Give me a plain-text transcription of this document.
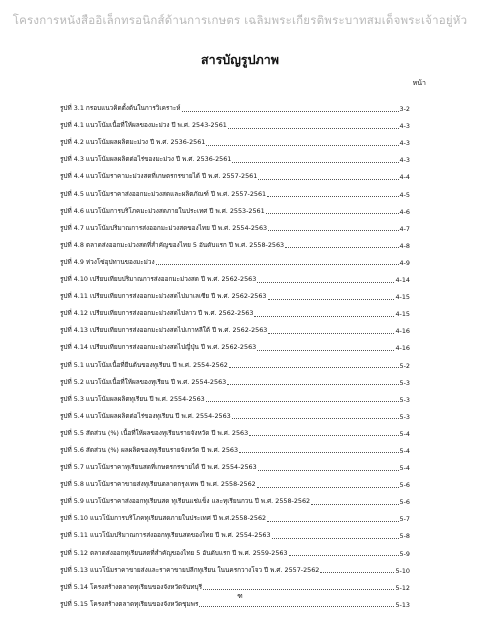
โครงการหนังสืออิเล็กทรอนิกส์ด้านการเกษตร เฉลิมพระเกียรติพระบาทสมเด็จพระเจ้าอยู่หัว
สารบัญรูปภาพ
หน้า
รูปที่ 3.1 กรอบแนวคิดตั้งต้นในการวิเคราะห์	3-2
รูปที่ 4.1 แนวโน้มเนื้อที่ให้ผลของมะม่วง ปี พ.ศ. 2543-2561	4-3
รูปที่ 4.2 แนวโน้มผลผลิตมะม่วง ปี พ.ศ. 2536-2561	4-3
รูปที่ 4.3 แนวโน้มผลผลิตต่อไร่ของมะม่วง ปี พ.ศ. 2536-2561	4-3
รูปที่ 4.4 แนวโน้มราคามะม่วงสดที่เกษตรกรขายได้ ปี พ.ศ. 2557-2561	4-4
รูปที่ 4.5 แนวโน้มราคาส่งออกมะม่วงสดและผลิตภัณฑ์ ปี พ.ศ. 2557-2561	4-5
รูปที่ 4.6 แนวโน้มการบริโภคมะม่วงสดภายในประเทศ ปี พ.ศ. 2553-2561	4-6
รูปที่ 4.7 แนวโน้มปริมาณการส่งออกมะม่วงสดของไทย ปี พ.ศ. 2554-2563	4-7
รูปที่ 4.8 ตลาดส่งออกมะม่วงสดที่สำคัญของไทย 5 อันดับแรก ปี พ.ศ. 2558-2563	4-8
รูปที่ 4.9 ห่วงโซ่อุปทานของมะม่วง	4-9
รูปที่ 4.10 เปรียบเทียบปริมาณการส่งออกมะม่วงสด ปี พ.ศ. 2562-2563	4-14
รูปที่ 4.11 เปรียบเทียบการส่งออกมะม่วงสดไปมาเลเซีย ปี พ.ศ. 2562-2563	4-15
รูปที่ 4.12 เปรียบเทียบการส่งออกมะม่วงสดไปลาว ปี พ.ศ. 2562-2563	4-15
รูปที่ 4.13 เปรียบเทียบการส่งออกมะม่วงสดไปเกาหลีใต้ ปี พ.ศ. 2562-2563	4-16
รูปที่ 4.14 เปรียบเทียบการส่งออกมะม่วงสดไปญี่ปุ่น ปี พ.ศ. 2562-2563	4-16
รูปที่ 5.1 แนวโน้มเนื้อที่ยืนต้นของทุเรียน ปี พ.ศ. 2554-2562	5-2
รูปที่ 5.2 แนวโน้มเนื้อที่ให้ผลของทุเรียน ปี พ.ศ. 2554-2563	5-3
รูปที่ 5.3 แนวโน้มผลผลิตทุเรียน ปี พ.ศ. 2554-2563	5-3
รูปที่ 5.4 แนวโน้มผลผลิตต่อไร่ของทุเรียน ปี พ.ศ. 2554-2563	5-3
รูปที่ 5.5 สัดส่วน (%) เนื้อที่ให้ผลของทุเรียนรายจังหวัด ปี พ.ศ. 2563	5-4
รูปที่ 5.6 สัดส่วน (%) ผลผลิตของทุเรียนรายจังหวัด ปี พ.ศ. 2563	5-4
รูปที่ 5.7 แนวโน้มราคาทุเรียนสดที่เกษตรกรขายได้ ปี พ.ศ. 2554-2563	5-4
รูปที่ 5.8 แนวโน้มราคาขายส่งทุเรียนตลาดกรุงเทพ ปี พ.ศ. 2558-2562	5-6
รูปที่ 5.9 แนวโน้มราคาส่งออกทุเรียนสด ทุเรียนแช่แข็ง และทุเรียนกวน ปี พ.ศ. 2558-2562	5-6
รูปที่ 5.10 แนวโน้มการบริโภคทุเรียนสดภายในประเทศ ปี พ.ศ.2558-2562	5-7
รูปที่ 5.11 แนวโน้มปริมาณการส่งออกทุเรียนสดของไทย ปี พ.ศ. 2554-2563	5-8
รูปที่ 5.12 ตลาดส่งออกทุเรียนสดที่สำคัญของไทย 5 อันดับแรก ปี พ.ศ. 2559-2563	5-9
รูปที่ 5.13 แนวโน้มราคาขายส่งและราคาขายปลีกทุเรียน ในนครกวางโจว ปี พ.ศ. 2557-2562	5-10
รูปที่ 5.14 โครงสร้างตลาดทุเรียนของจังหวัดจันทบุรี	5-12
รูปที่ 5.15 โครงสร้างตลาดทุเรียนของจังหวัดชุมพร	5-13
ฑ
